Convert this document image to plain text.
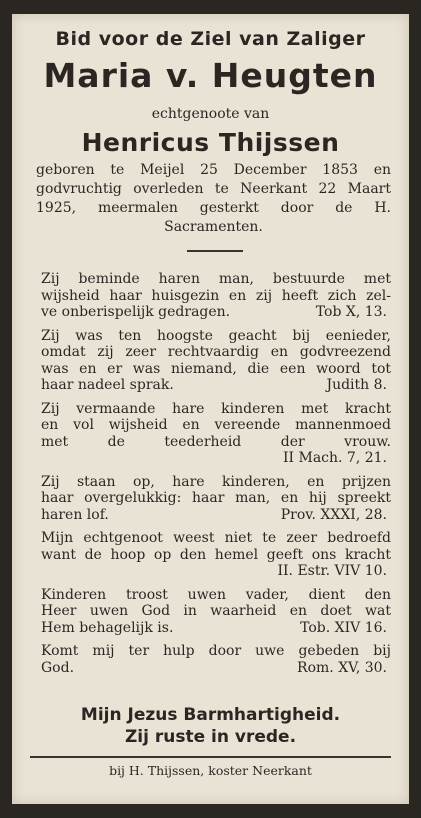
Bid voor de Ziel van Zaliger
Maria v. Heugten
echtgenoote van
Henricus Thijssen
geboren te Meijel 25 December 1853 en
godvruchtig overleden te Neerkant 22 Maart
1925, meermalen gesterkt door de H.
Sacramenten.
Zij beminde haren man, bestuurde met
wijsheid haar huisgezin en zij heeft zich zel-
ve onberispelijk gedragen.	Tob X, 13.
Zij was ten hoogste geacht bij eenieder,
omdat zij zeer rechtvaardig en godvreezend
was en er was niemand, die een woord tot
haar nadeel sprak.	Judith 8.
Zij vermaande hare kinderen met kracht
en vol wijsheid en vereende mannenmoed
met de teederheid der vrouw.
II Mach. 7, 21.
Zij staan op, hare kinderen, en prijzen
haar overgelukkig: haar man, en hij spreekt
haren lof.	Prov. XXXI, 28.
Mijn echtgenoot weest niet te zeer bedroefd
want de hoop op den hemel geeft ons kracht
II. Estr. VIV 10.
Kinderen troost uwen vader, dient den
Heer uwen God in waarheid en doet wat
Hem behagelijk is.	Tob. XIV 16.
Komt mij ter hulp door uwe gebeden bij
God.	Rom. XV, 30.
Mijn Jezus Barmhartigheid.
Zij ruste in vrede.
bij H. Thijssen, koster Neerkant
